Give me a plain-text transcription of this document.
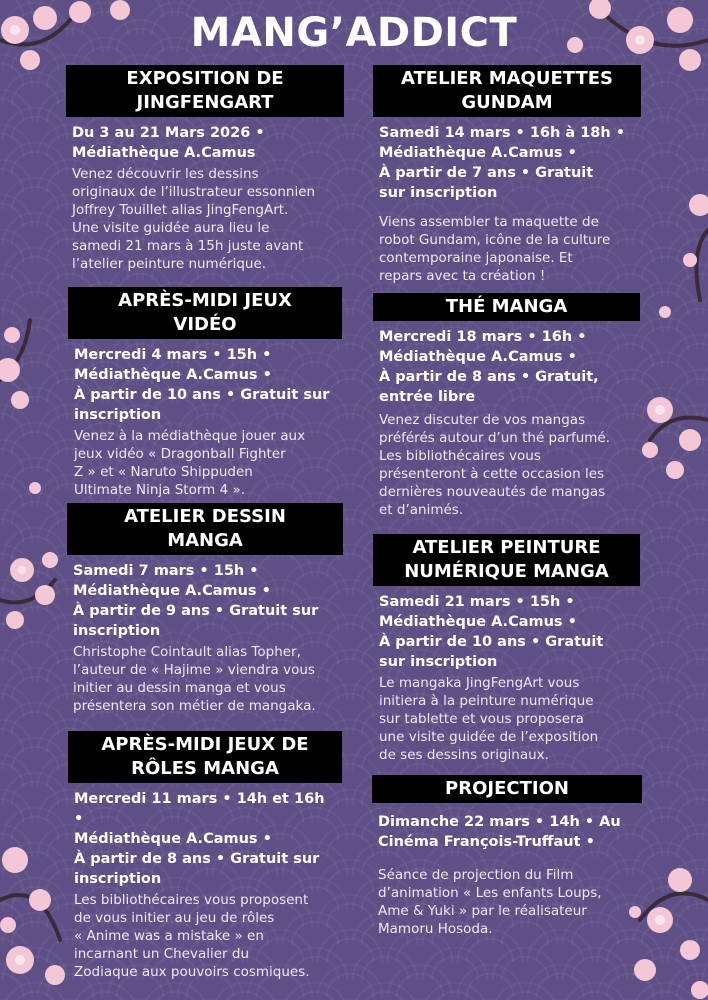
MANG’ADDICT
EXPOSITION DE
JINGFENGART
Du 3 au 21 Mars 2026 •
Médiathèque A.Camus
Venez découvrir les dessins
originaux de l’illustrateur essonnien
Joffrey Touillet alias JingFengArt.
Une visite guidée aura lieu le
samedi 21 mars à 15h juste avant
l’atelier peinture numérique.
APRÈS-MIDI JEUX
VIDÉO
Mercredi 4 mars • 15h •
Médiathèque A.Camus •
À partir de 10 ans • Gratuit sur
inscription
Venez à la médiathèque jouer aux
jeux vidéo « Dragonball Fighter
Z » et « Naruto Shippuden
Ultimate Ninja Storm 4 ».
ATELIER DESSIN
MANGA
Samedi 7 mars • 15h •
Médiathèque A.Camus •
À partir de 9 ans • Gratuit sur
inscription
Christophe Cointault alias Topher,
l’auteur de « Hajime » viendra vous
initier au dessin manga et vous
présentera son métier de mangaka.
APRÈS-MIDI JEUX DE
RÔLES MANGA
Mercredi 11 mars • 14h et 16h •
Médiathèque A.Camus •
À partir de 8 ans • Gratuit sur
inscription
Les bibliothécaires vous proposent
de vous initier au jeu de rôles
« Anime was a mistake » en
incarnant un Chevalier du
Zodiaque aux pouvoirs cosmiques.
ATELIER MAQUETTES
GUNDAM
Samedi 14 mars • 16h à 18h •
Médiathèque A.Camus •
À partir de 7 ans • Gratuit
sur inscription
Viens assembler ta maquette de
robot Gundam, icône de la culture
contemporaine japonaise. Et
repars avec ta création !
THÉ MANGA
Mercredi 18 mars • 16h •
Médiathèque A.Camus •
À partir de 8 ans • Gratuit,
entrée libre
Venez discuter de vos mangas
préférés autour d’un thé parfumé.
Les bibliothécaires vous
présenteront à cette occasion les
dernières nouveautés de mangas
et d’animés.
ATELIER PEINTURE
NUMÉRIQUE MANGA
Samedi 21 mars • 15h •
Médiathèque A.Camus •
À partir de 10 ans • Gratuit
sur inscription
Le mangaka JingFengArt vous
initiera à la peinture numérique
sur tablette et vous proposera
une visite guidée de l’exposition
de ses dessins originaux.
PROJECTION
Dimanche 22 mars • 14h • Au
Cinéma François-Truffaut •
Séance de projection du Film
d’animation « Les enfants Loups,
Ame & Yuki » par le réalisateur
Mamoru Hosoda.
